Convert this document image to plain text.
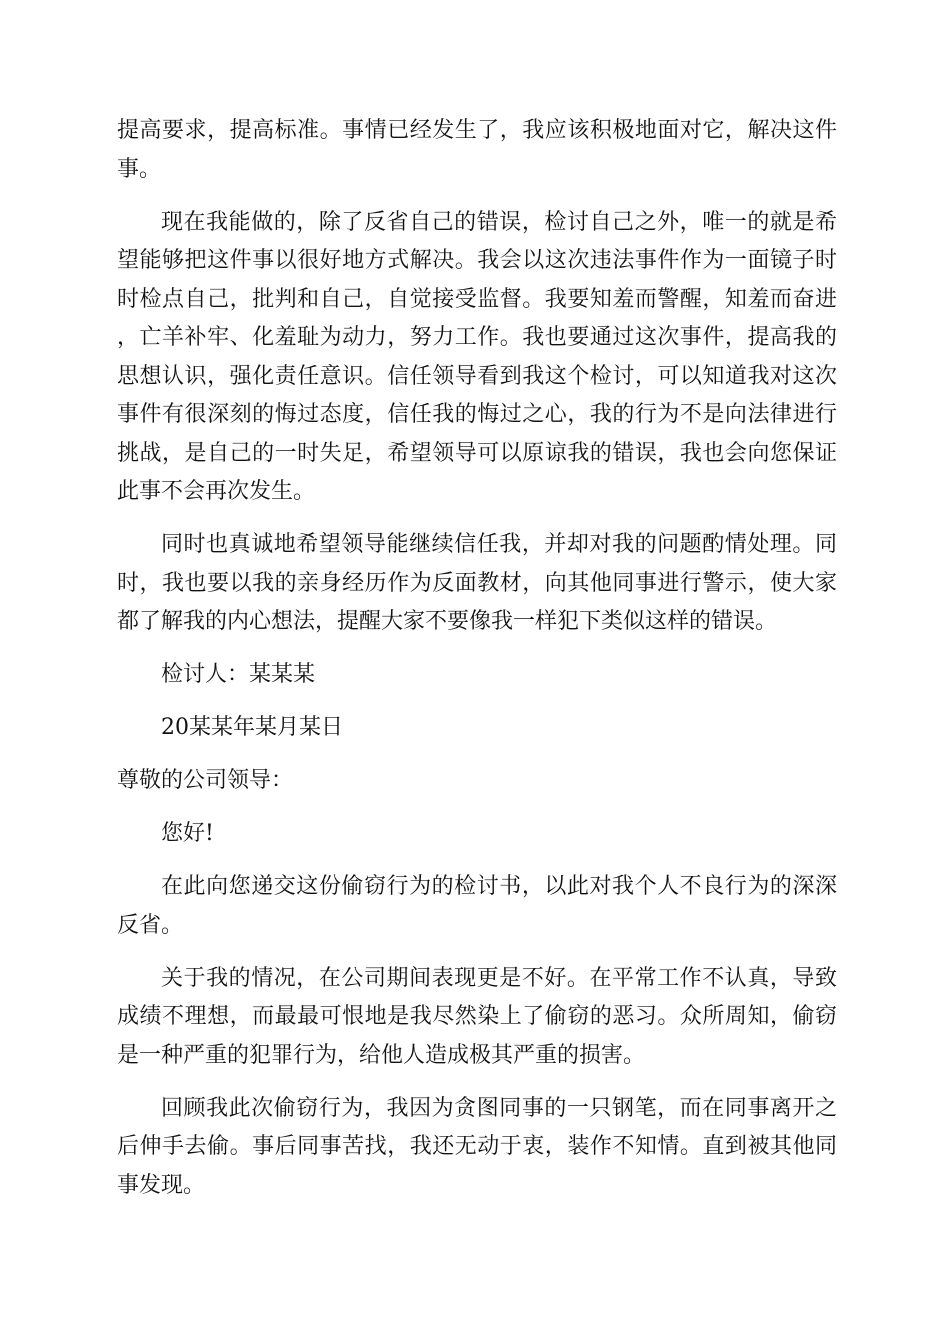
提高要求，提高标准。事情已经发生了，我应该积极地面对它，解决这件事。

现在我能做的，除了反省自己的错误，检讨自己之外，唯一的就是希望能够把这件事以很好地方式解决。我会以这次违法事件作为一面镜子时时检点自己，批判和自己，自觉接受监督。我要知羞而警醒，知羞而奋进，亡羊补牢、化羞耻为动力，努力工作。我也要通过这次事件，提高我的思想认识，强化责任意识。信任领导看到我这个检讨，可以知道我对这次事件有很深刻的悔过态度，信任我的悔过之心，我的行为不是向法律进行挑战，是自己的一时失足，希望领导可以原谅我的错误，我也会向您保证此事不会再次发生。

同时也真诚地希望领导能继续信任我，并却对我的问题酌情处理。同时，我也要以我的亲身经历作为反面教材，向其他同事进行警示，使大家都了解我的内心想法，提醒大家不要像我一样犯下类似这样的错误。

检讨人：某某某

20某某年某月某日

尊敬的公司领导：

您好!

在此向您递交这份偷窃行为的检讨书，以此对我个人不良行为的深深反省。

关于我的情况，在公司期间表现更是不好。在平常工作不认真，导致成绩不理想，而最最可恨地是我尽然染上了偷窃的恶习。众所周知，偷窃是一种严重的犯罪行为，给他人造成极其严重的损害。

回顾我此次偷窃行为，我因为贪图同事的一只钢笔，而在同事离开之后伸手去偷。事后同事苦找，我还无动于衷，装作不知情。直到被其他同事发现。
